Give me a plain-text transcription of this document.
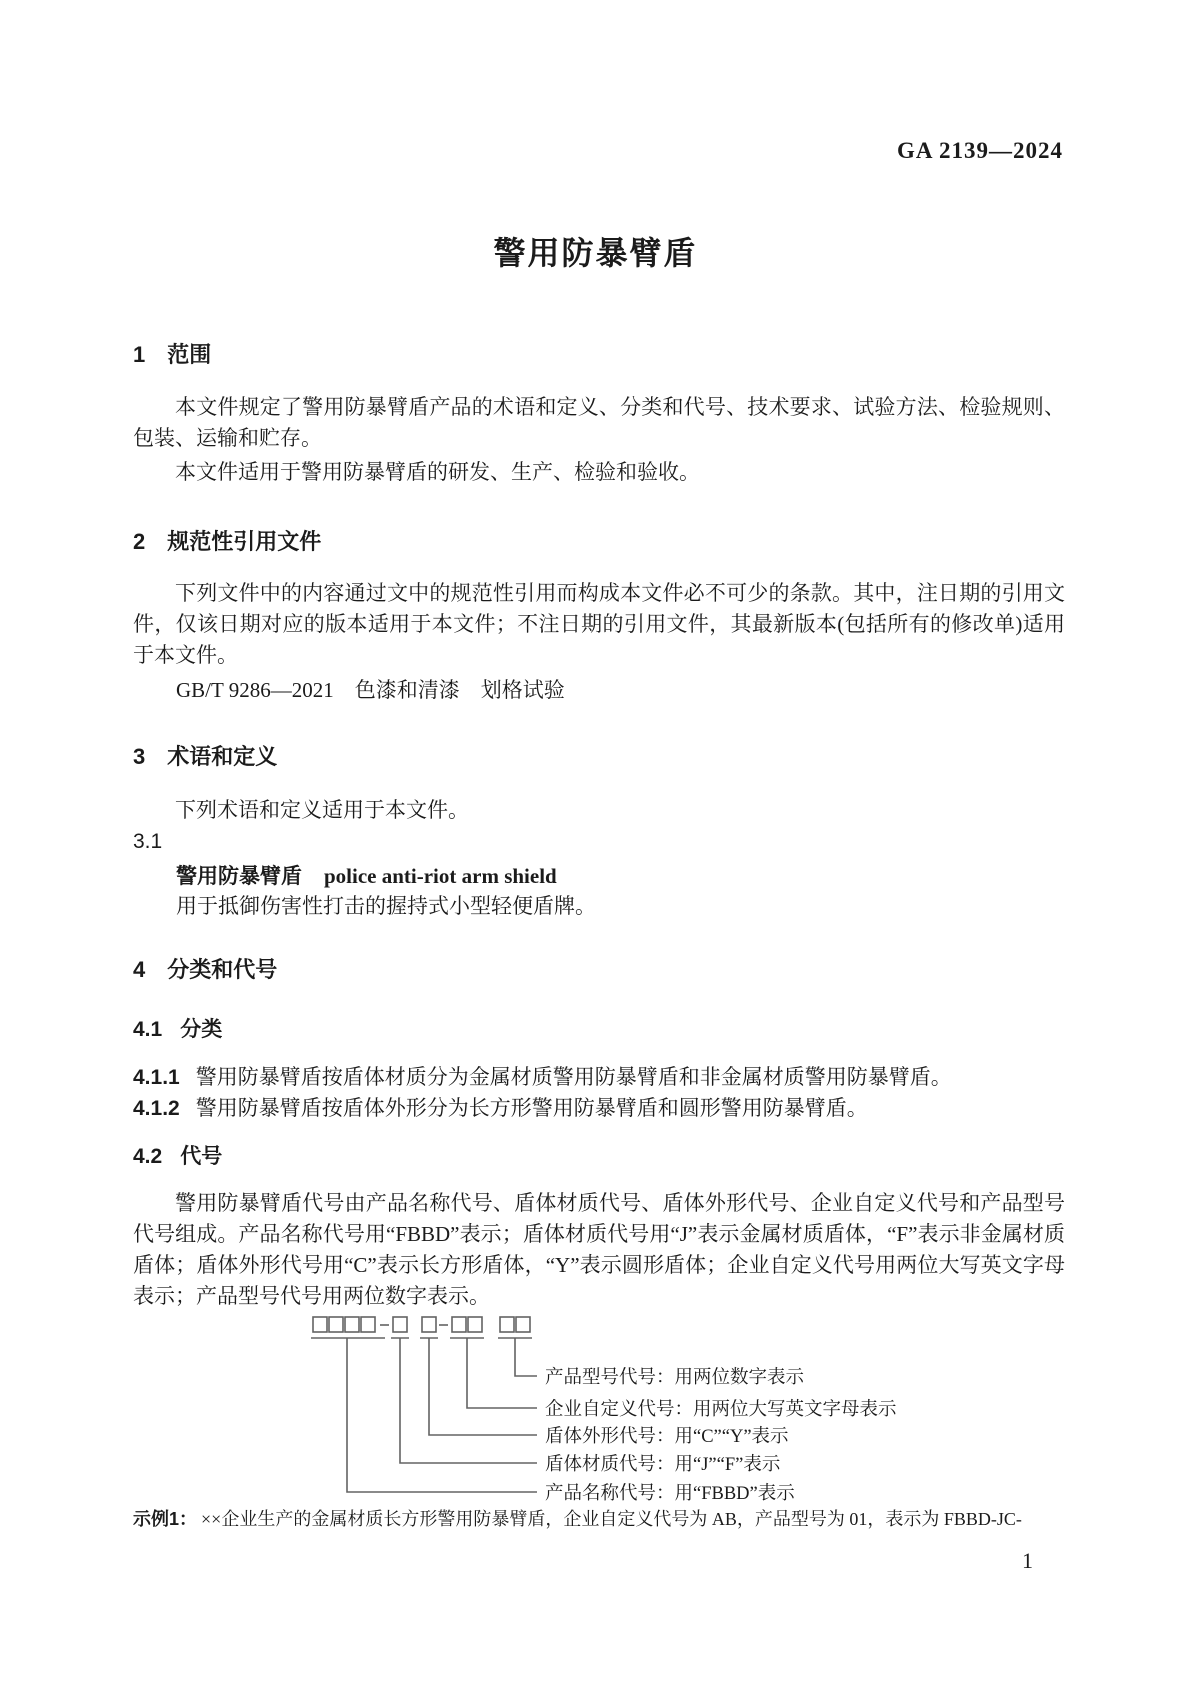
GA 2139—2024
警用防暴臂盾
1 范围
本文件规定了警用防暴臂盾产品的术语和定义、分类和代号、技术要求、试验方法、检验规则、包装、运输和贮存。
本文件适用于警用防暴臂盾的研发、生产、检验和验收。
2 规范性引用文件
下列文件中的内容通过文中的规范性引用而构成本文件必不可少的条款。其中，注日期的引用文件，仅该日期对应的版本适用于本文件；不注日期的引用文件，其最新版本(包括所有的修改单)适用于本文件。
GB/T 9286—2021　色漆和清漆　划格试验
3 术语和定义
下列术语和定义适用于本文件。
3.1
警用防暴臂盾 police anti-riot arm shield
用于抵御伤害性打击的握持式小型轻便盾牌。
4 分类和代号
4.1 分类
4.1.1 警用防暴臂盾按盾体材质分为金属材质警用防暴臂盾和非金属材质警用防暴臂盾。
4.1.2 警用防暴臂盾按盾体外形分为长方形警用防暴臂盾和圆形警用防暴臂盾。
4.2 代号
警用防暴臂盾代号由产品名称代号、盾体材质代号、盾体外形代号、企业自定义代号和产品型号代号组成。产品名称代号用“FBBD”表示；盾体材质代号用“J”表示金属材质盾体，“F”表示非金属材质盾体；盾体外形代号用“C”表示长方形盾体，“Y”表示圆形盾体；企业自定义代号用两位大写英文字母表示；产品型号代号用两位数字表示。
产品型号代号：用两位数字表示
企业自定义代号：用两位大写英文字母表示
盾体外形代号：用“C”“Y”表示
盾体材质代号：用“J”“F”表示
产品名称代号：用“FBBD”表示
示例1： ××企业生产的金属材质长方形警用防暴臂盾，企业自定义代号为 AB，产品型号为 01，表示为 FBBD-JC-
1
